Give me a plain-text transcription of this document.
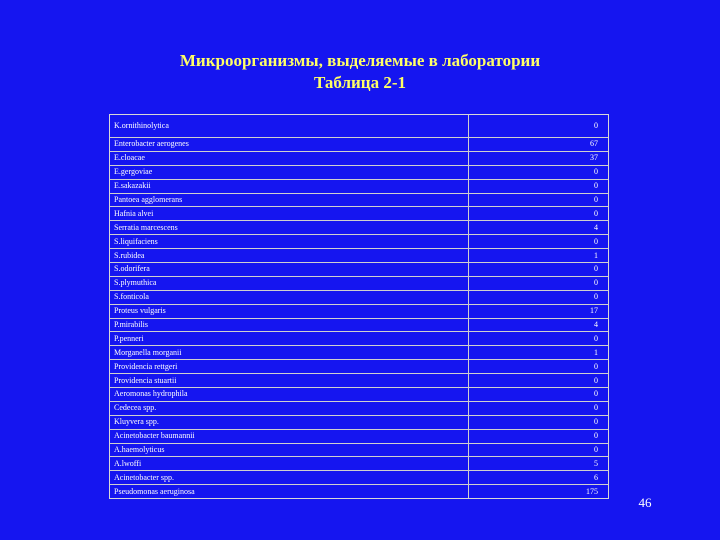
Микроорганизмы, выделяемые в лаборатории
Таблица 2-1
K.ornithinolytica	0
Enterobacter aerogenes	67
E.cloacae	37
E.gergoviae	0
E.sakazakii	0
Pantoea agglomerans	0
Hafnia alvei	0
Serratia marcescens	4
S.liquifaciens	0
S.rubidea	1
S.odorifera	0
S.plymuthica	0
S.fonticola	0
Proteus vulgaris	17
P.mirabilis	4
P.penneri	0
Morganella morganii	1
Providencia rettgeri	0
Providencia stuartii	0
Aeromonas hydrophila	0
Cedecea spp.	0
Kluyvera spp.	0
Acinetobacter baumannii	0
A.haemolyticus	0
A.lwoffi	5
Acinetobacter spp.	6
Pseudomonas aeruginosa	175
46
